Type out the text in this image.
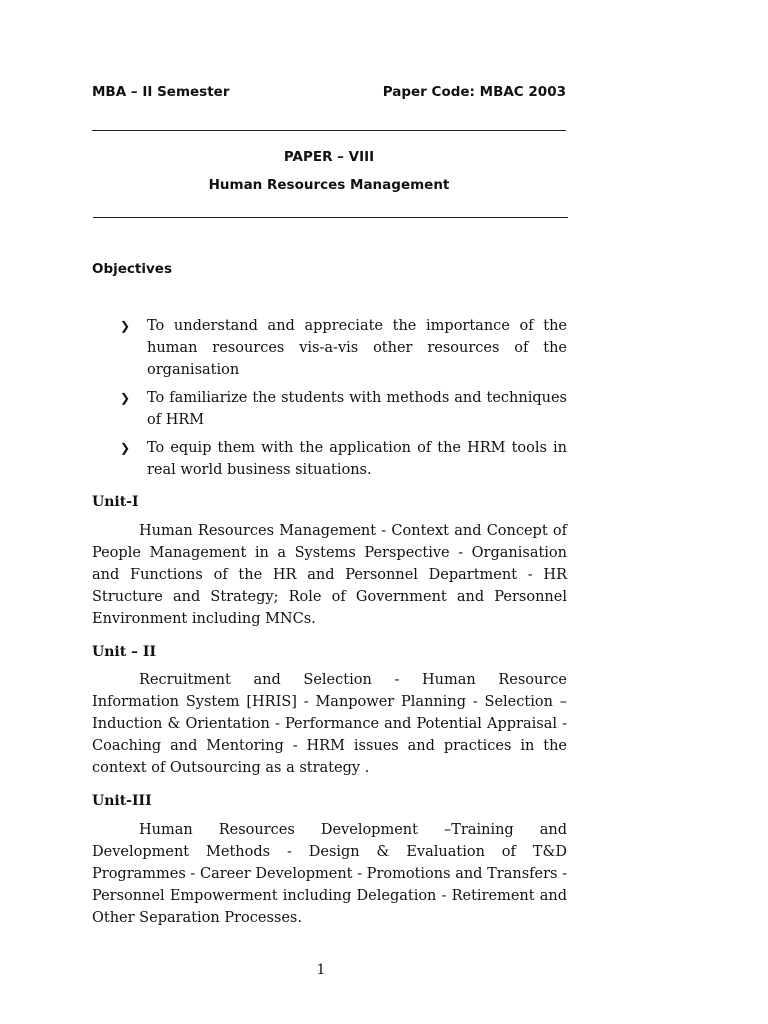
MBA – II Semester	Paper Code: MBAC 2003
PAPER – VIII
Human Resources Management
Objectives
❯ To understand and appreciate the importance of the human resources vis-a-vis other resources of the organisation
❯ To familiarize the students with methods and techniques of HRM
❯ To equip them with the application of the HRM tools in real world business situations.
Unit-I

Human Resources Management - Context and Concept of People Management in a Systems Perspective - Organisation and Functions of the HR and Personnel Department - HR Structure and Strategy; Role of Government and Personnel Environment including MNCs.

Unit – II

Recruitment and Selection - Human Resource Information System [HRIS] - Manpower Planning - Selection – Induction & Orientation - Performance and Potential Appraisal - Coaching and Mentoring - HRM issues and practices in the context of Outsourcing as a strategy .

Unit-III

Human Resources Development –Training and Development Methods - Design & Evaluation of T&D Programmes - Career Development - Promotions and Transfers - Personnel Empowerment including Delegation - Retirement and Other Separation Processes.

1
